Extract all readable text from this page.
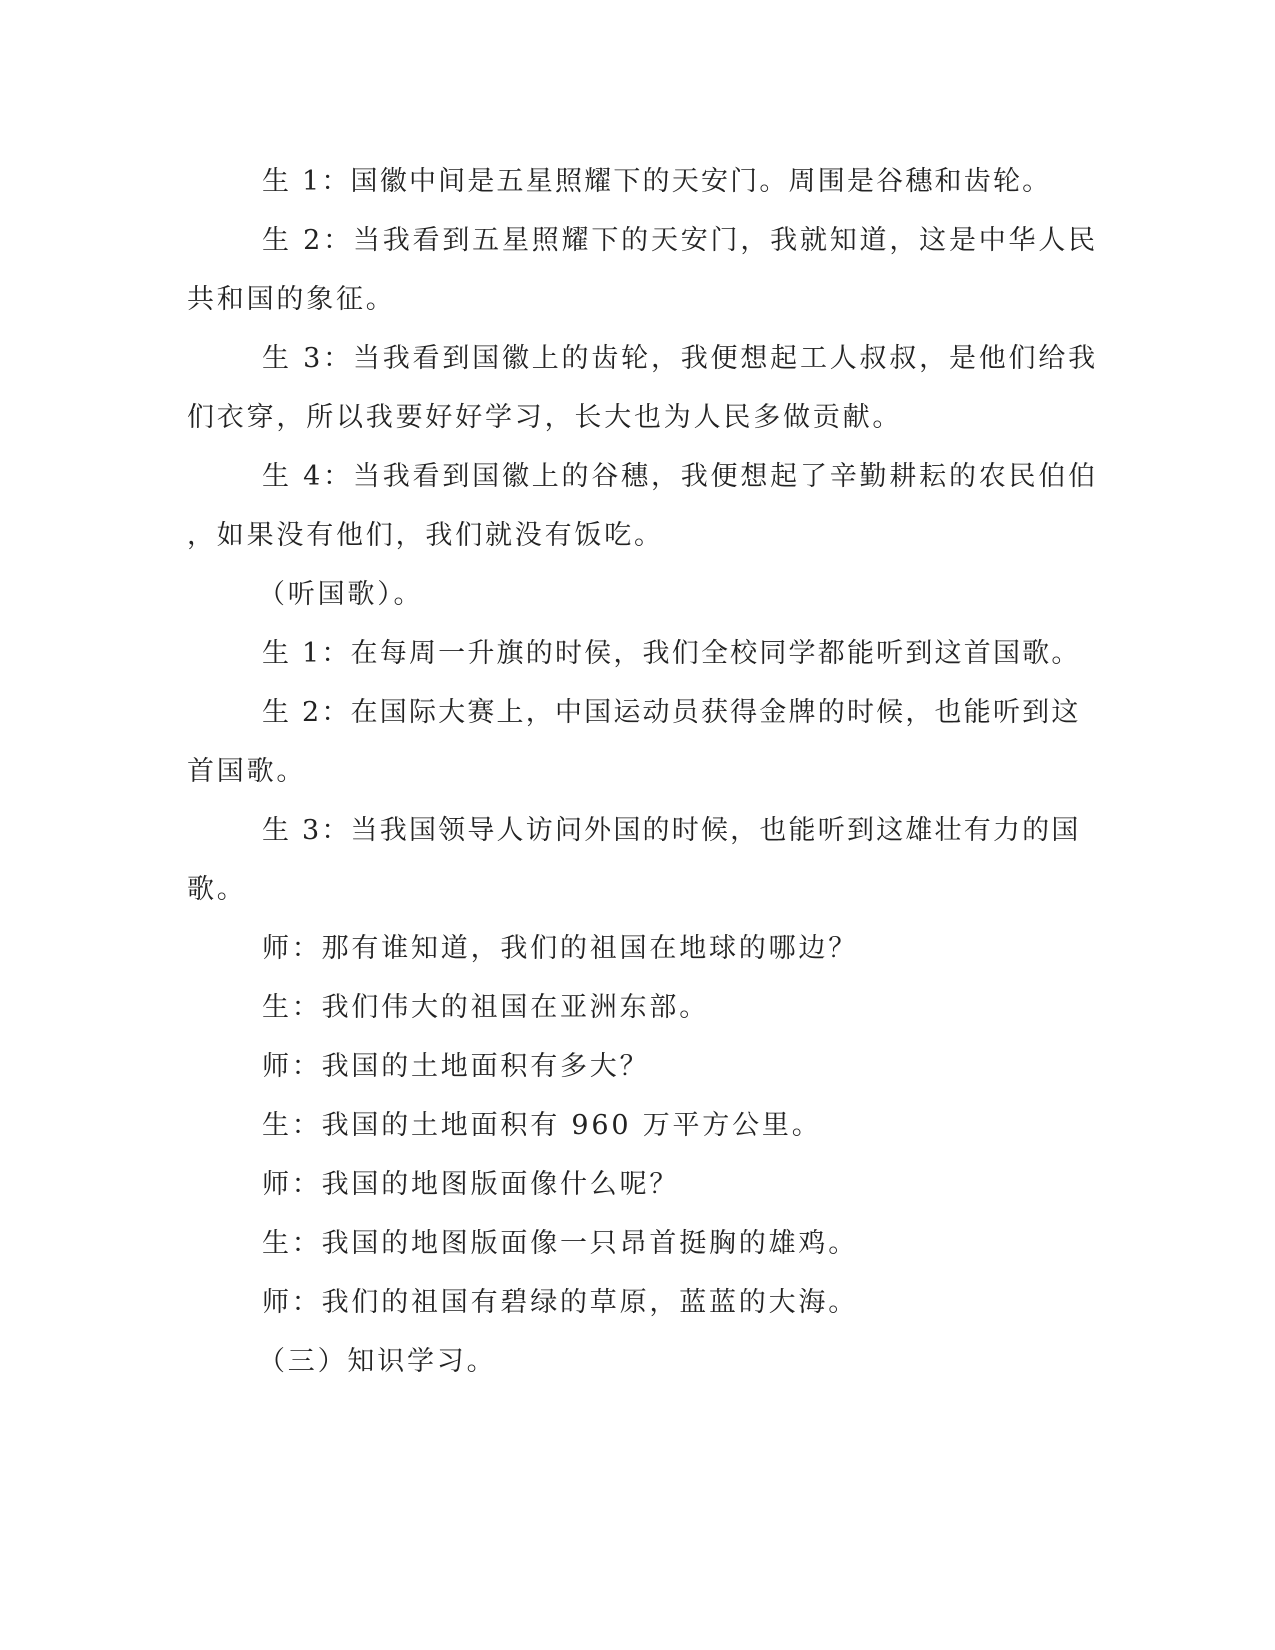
生 1：国徽中间是五星照耀下的天安门。周围是谷穗和齿轮。
生 2：当我看到五星照耀下的天安门，我就知道，这是中华人民
共和国的象征。
生 3：当我看到国徽上的齿轮，我便想起工人叔叔，是他们给我
们衣穿，所以我要好好学习，长大也为人民多做贡献。
生 4：当我看到国徽上的谷穗，我便想起了辛勤耕耘的农民伯伯
，如果没有他们，我们就没有饭吃。
（听国歌）。
生 1：在每周一升旗的时侯，我们全校同学都能听到这首国歌。
生 2：在国际大赛上，中国运动员获得金牌的时候，也能听到这
首国歌。
生 3：当我国领导人访问外国的时候，也能听到这雄壮有力的国
歌。
师：那有谁知道，我们的祖国在地球的哪边？
生：我们伟大的祖国在亚洲东部。
师：我国的土地面积有多大？
生：我国的土地面积有 960 万平方公里。
师：我国的地图版面像什么呢？
生：我国的地图版面像一只昂首挺胸的雄鸡。
师：我们的祖国有碧绿的草原，蓝蓝的大海。
（三）知识学习。
